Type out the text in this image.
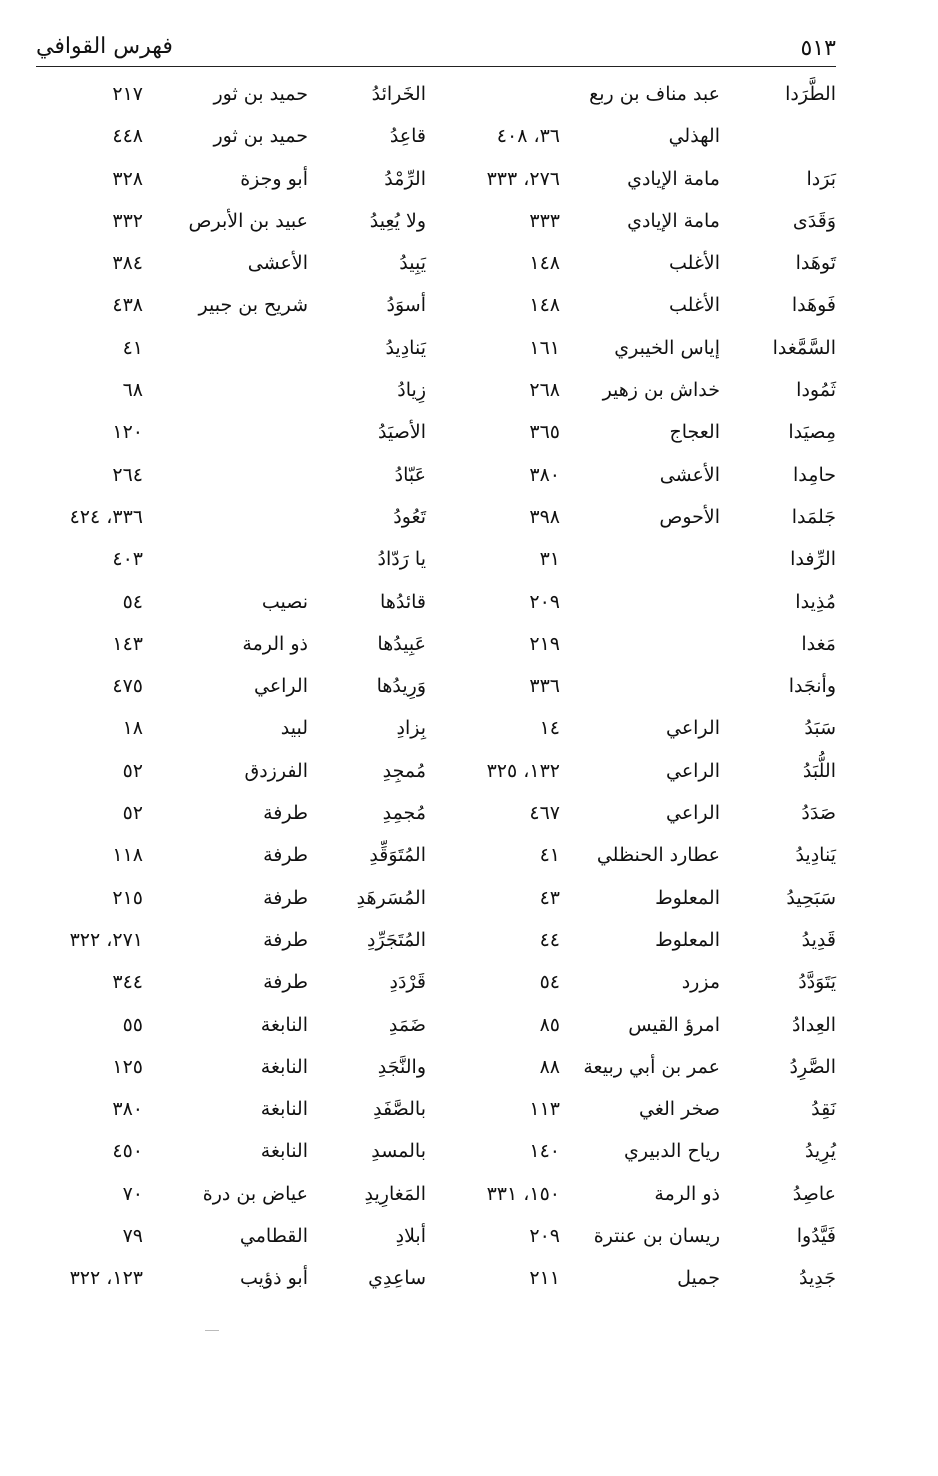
٥١٣
فهرس القوافي
الطَّرَدا
عبد مناف بن ربع
الخَرائدُ
حميد بن ثور
٢١٧
الهذلي
٣٦، ٤٠٨
قاعِدُ
حميد بن ثور
٤٤٨
بَرَدا
مامة الإيادي
٢٧٦، ٣٣٣
الرِّمْدُ
أبو وجزة
٣٢٨
وَقَدَى
مامة الإيادي
٣٣٣
ولا يُعِيدُ
عبيد بن الأبرص
٣٣٢
تَوهَدا
الأغلب
١٤٨
يَبِيدُ
الأعشى
٣٨٤
فَوهَدا
الأغلب
١٤٨
أسوَدُ
شريح بن جبير
٤٣٨
السَّمَّغدا
إياس الخيبري
١٦١
يَنادِيدُ
٤١
ثَمُودا
خداش بن زهير
٢٦٨
زِيادُ
٦٨
مِصيَدا
العجاج
٣٦٥
الأصيَدُ
١٢٠
حامِدا
الأعشى
٣٨٠
عَبّادُ
٢٦٤
جَلمَدا
الأحوص
٣٩٨
تَعُودُ
٣٣٦، ٤٢٤
الرِّفدا
٣١
يا رَدّادُ
٤٠٣
مُذِيدا
٢٠٩
قائدُها
نصيب
٥٤
مَغدا
٢١٩
عَبِيدُها
ذو الرمة
١٤٣
وأنجَدا
٣٣٦
وَرِيدُها
الراعي
٤٧٥
سَبَدُ
الراعي
١٤
بِزادِ
لبيد
١٨
اللُّبَدُ
الراعي
١٣٢، ٣٢٥
مُمجِدِ
الفرزدق
٥٢
صَدَدُ
الراعي
٤٦٧
مُجمِدِ
طرفة
٥٢
يَنادِيدُ
عطارد الحنظلي
٤١
المُتَوَقِّدِ
طرفة
١١٨
سَبَحِيدُ
المعلوط
٤٣
المُسَرهَدِ
طرفة
٢١٥
قَدِيدُ
المعلوط
٤٤
المُتَجَرِّدِ
طرفة
٢٧١، ٣٢٢
يَتَوَدَّدُ
مزرد
٥٤
قَرْدَدِ
طرفة
٣٤٤
العِدادُ
امرؤ القيس
٨٥
ضَمَدِ
النابغة
٥٥
الصَّرِدُ
عمر بن أبي ربيعة
٨٨
والنَّجَدِ
النابغة
١٢٥
نَقِدُ
صخر الغي
١١٣
بالصَّفَدِ
النابغة
٣٨٠
يُرِيدُ
رياح الدبيري
١٤٠
بالمسدِ
النابغة
٤٥٠
عاصِدُ
ذو الرمة
١٥٠، ٣٣١
المَغارِيدِ
عياض بن درة
٧٠
فَيَّدُوا
ريسان بن عنترة
٢٠٩
أبلادِ
القطامي
٧٩
جَدِيدُ
جميل
٢١١
ساعِدِي
أبو ذؤيب
١٢٣، ٣٢٢
